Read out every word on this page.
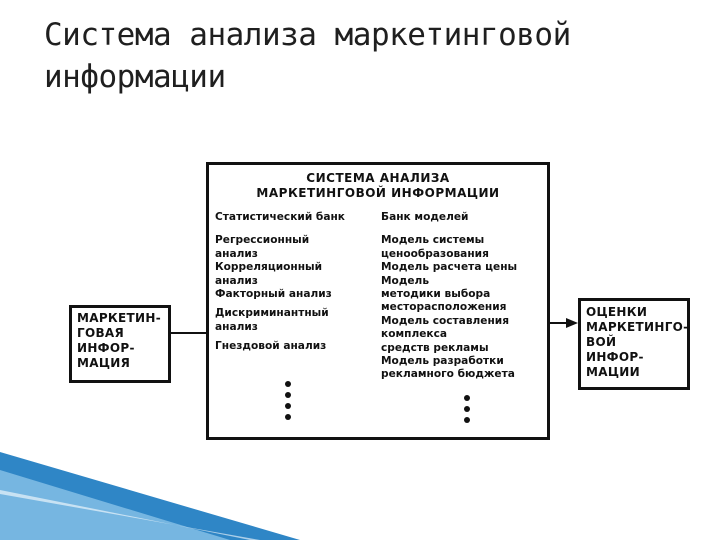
Система анализа маркетинговой
информации
МАРКЕТИН-
ГОВАЯ
ИНФОР-
МАЦИЯ
СИСТЕМА АНАЛИЗА
МАРКЕТИНГОВОЙ ИНФОРМАЦИИ
Статистический банк
Регрессионный
анализ
Корреляционный
анализ
Факторный анализ
Дискриминантный
анализ
Гнездовой анализ
Банк моделей
Модель системы
ценообразования
Модель расчета цены
Модель
методики выбора
месторасположения
Модель составления
комплекса
средств рекламы
Модель разработки
рекламного бюджета
ОЦЕНКИ
МАРКЕТИНГО-
ВОЙ
ИНФОР-
МАЦИИ
